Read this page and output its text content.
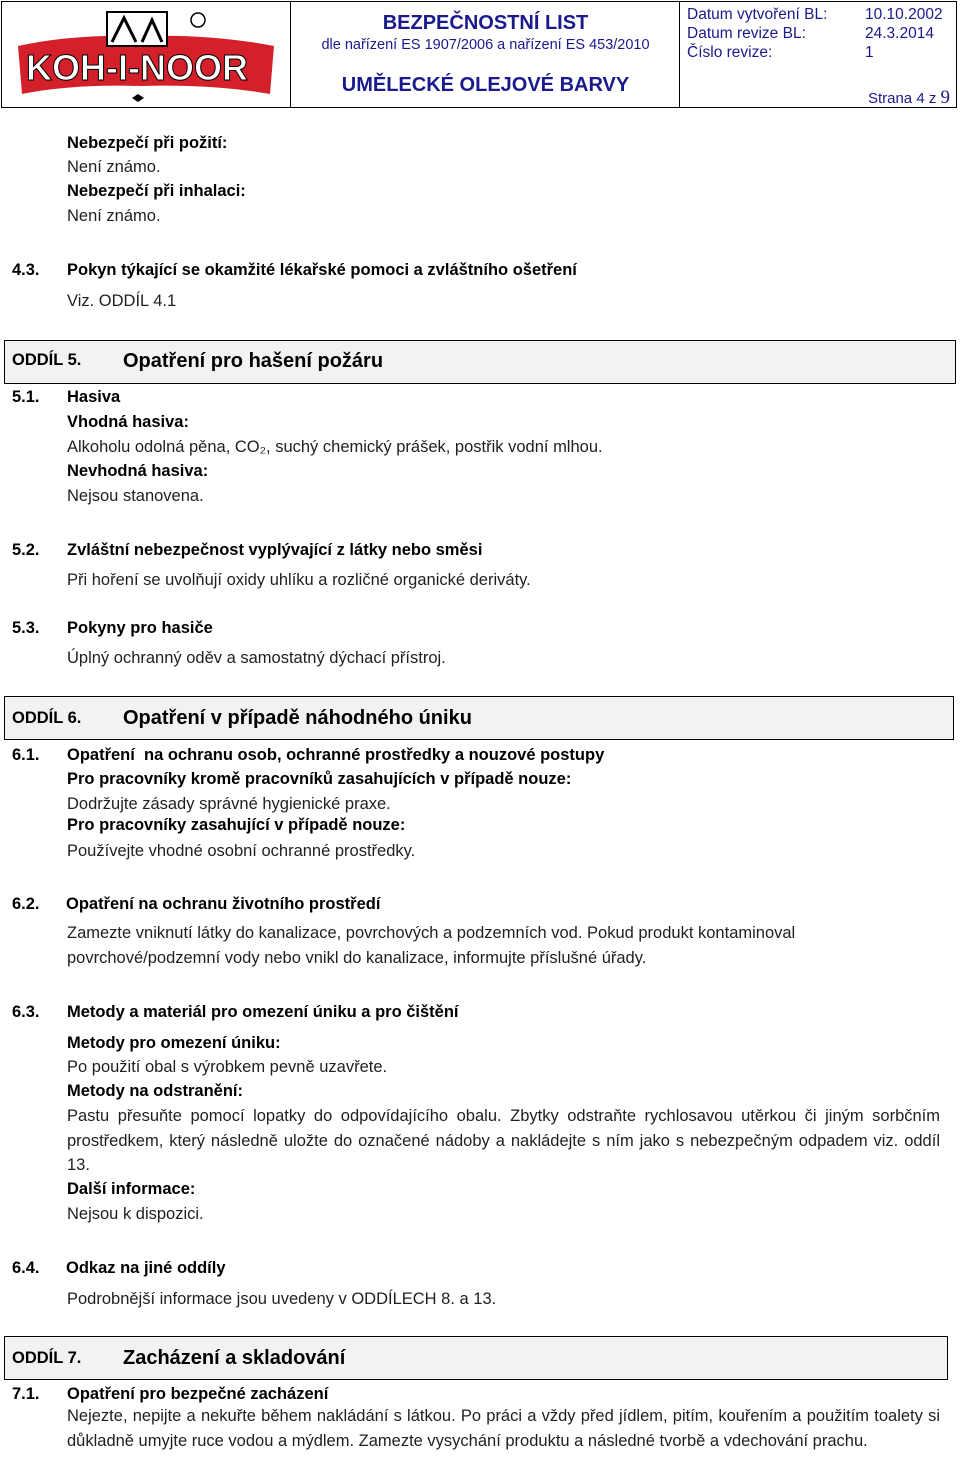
KOH-I-NOOR
BEZPEČNOSTNÍ LIST
dle nařízení ES 1907/2006 a nařízení ES 453/2010
UMĚLECKÉ OLEJOVÉ BARVY
Datum vytvoření BL: 10.10.2002
Datum revize BL:	24.3.2014
Číslo revize:	1
Strana 4 z 9
Nebezpečí při požití:
Není známo.
Nebezpečí při inhalaci:
Není známo.
4.3. Pokyn týkající se okamžité lékařské pomoci a zvláštního ošetření
Viz. ODDÍL 4.1
ODDÍL 5. Opatření pro hašení požáru
5.1. Hasiva
Vhodná hasiva:
Alkoholu odolná pěna, CO₂, suchý chemický prášek, postřik vodní mlhou.
Nevhodná hasiva:
Nejsou stanovena.
5.2. Zvláštní nebezpečnost vyplývající z látky nebo směsi
Při hoření se uvolňují oxidy uhlíku a rozličné organické deriváty.
5.3. Pokyny pro hasiče
Úplný ochranný oděv a samostatný dýchací přístroj.
ODDÍL 6. Opatření v případě náhodného úniku
6.1. Opatření  na ochranu osob, ochranné prostředky a nouzové postupy
Pro pracovníky kromě pracovníků zasahujících v případě nouze:
Dodržujte zásady správné hygienické praxe.
Pro pracovníky zasahující v případě nouze:
Používejte vhodné osobní ochranné prostředky.
6.2. Opatření na ochranu životního prostředí
Zamezte vniknutí látky do kanalizace, povrchových a podzemních vod. Pokud produkt kontaminoval povrchové/podzemní vody nebo vnikl do kanalizace, informujte příslušné úřady.
6.3. Metody a materiál pro omezení úniku a pro čištění
Metody pro omezení úniku:
Po použití obal s výrobkem pevně uzavřete.
Metody na odstranění:
Pastu přesuňte pomocí lopatky do odpovídajícího obalu. Zbytky odstraňte rychlosavou utěrkou či jiným sorbčním prostředkem, který následně uložte do označené nádoby a nakládejte s ním jako s nebezpečným odpadem viz. oddíl 13.
Další informace:
Nejsou k dispozici.
6.4. Odkaz na jiné oddíly
Podrobnější informace jsou uvedeny v ODDÍLECH 8. a 13.
ODDÍL 7. Zacházení a skladování
7.1. Opatření pro bezpečné zacházení
Nejezte, nepijte a nekuřte během nakládání s látkou. Po práci a vždy před jídlem, pitím, kouřením a použitím toalety si důkladně umyjte ruce vodou a mýdlem. Zamezte vysychání produktu a následné tvorbě a vdechování prachu.
